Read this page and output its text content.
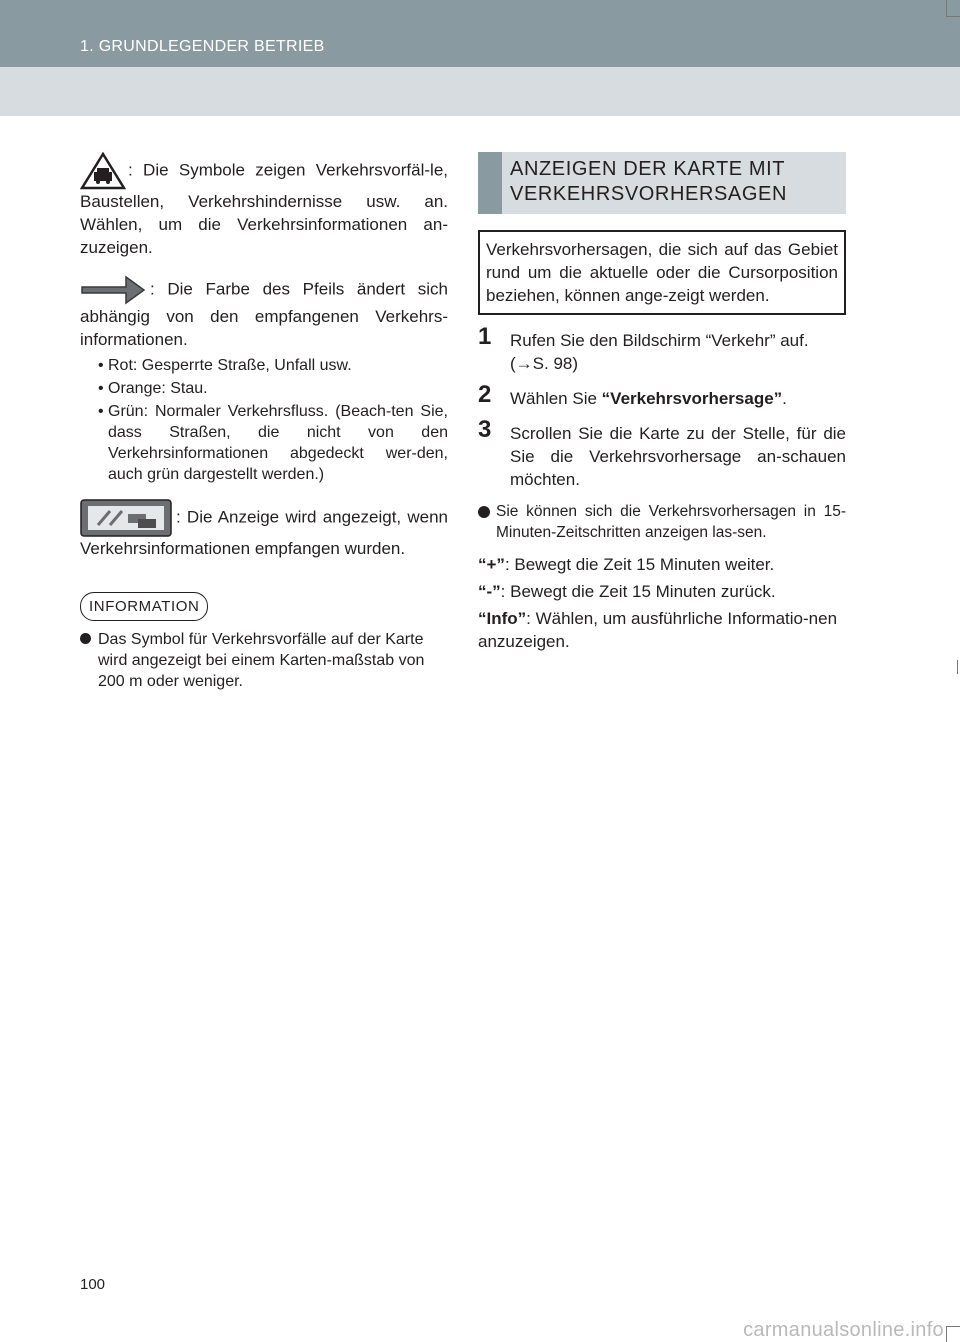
1. GRUNDLEGENDER BETRIEB

: Die Symbole zeigen Verkehrsvorfäl-le, Baustellen, Verkehrshindernisse usw. an. Wählen, um die Verkehrsinformationen an-zuzeigen.

: Die Farbe des Pfeils ändert sich abhängig von den empfangenen Verkehrs-informationen.

• Rot: Gesperrte Straße, Unfall usw.
• Orange: Stau.
• Grün: Normaler Verkehrsfluss. (Beach-ten Sie, dass Straßen, die nicht von den Verkehrsinformationen abgedeckt wer-den, auch grün dargestellt werden.)

: Die Anzeige wird angezeigt, wenn Verkehrsinformationen empfangen wurden.

INFORMATION
Das Symbol für Verkehrsvorfälle auf der Karte wird angezeigt bei einem Karten-maßstab von 200 m oder weniger.
ANZEIGEN DER KARTE MIT VERKEHRSVORHERSAGEN
Verkehrsvorhersagen, die sich auf das Gebiet rund um die aktuelle oder die Cursorposition beziehen, können ange-zeigt werden.
1 Rufen Sie den Bildschirm “Verkehr” auf. (→S. 98)
2 Wählen Sie “Verkehrsvorhersage”.
3 Scrollen Sie die Karte zu der Stelle, für die Sie die Verkehrsvorhersage an-schauen möchten.
Sie können sich die Verkehrsvorhersagen in 15-Minuten-Zeitschritten anzeigen las-sen.

“+”: Bewegt die Zeit 15 Minuten weiter.

“-”: Bewegt die Zeit 15 Minuten zurück.

“Info”: Wählen, um ausführliche Informatio-nen anzuzeigen.

100
carmanualsonline.info
